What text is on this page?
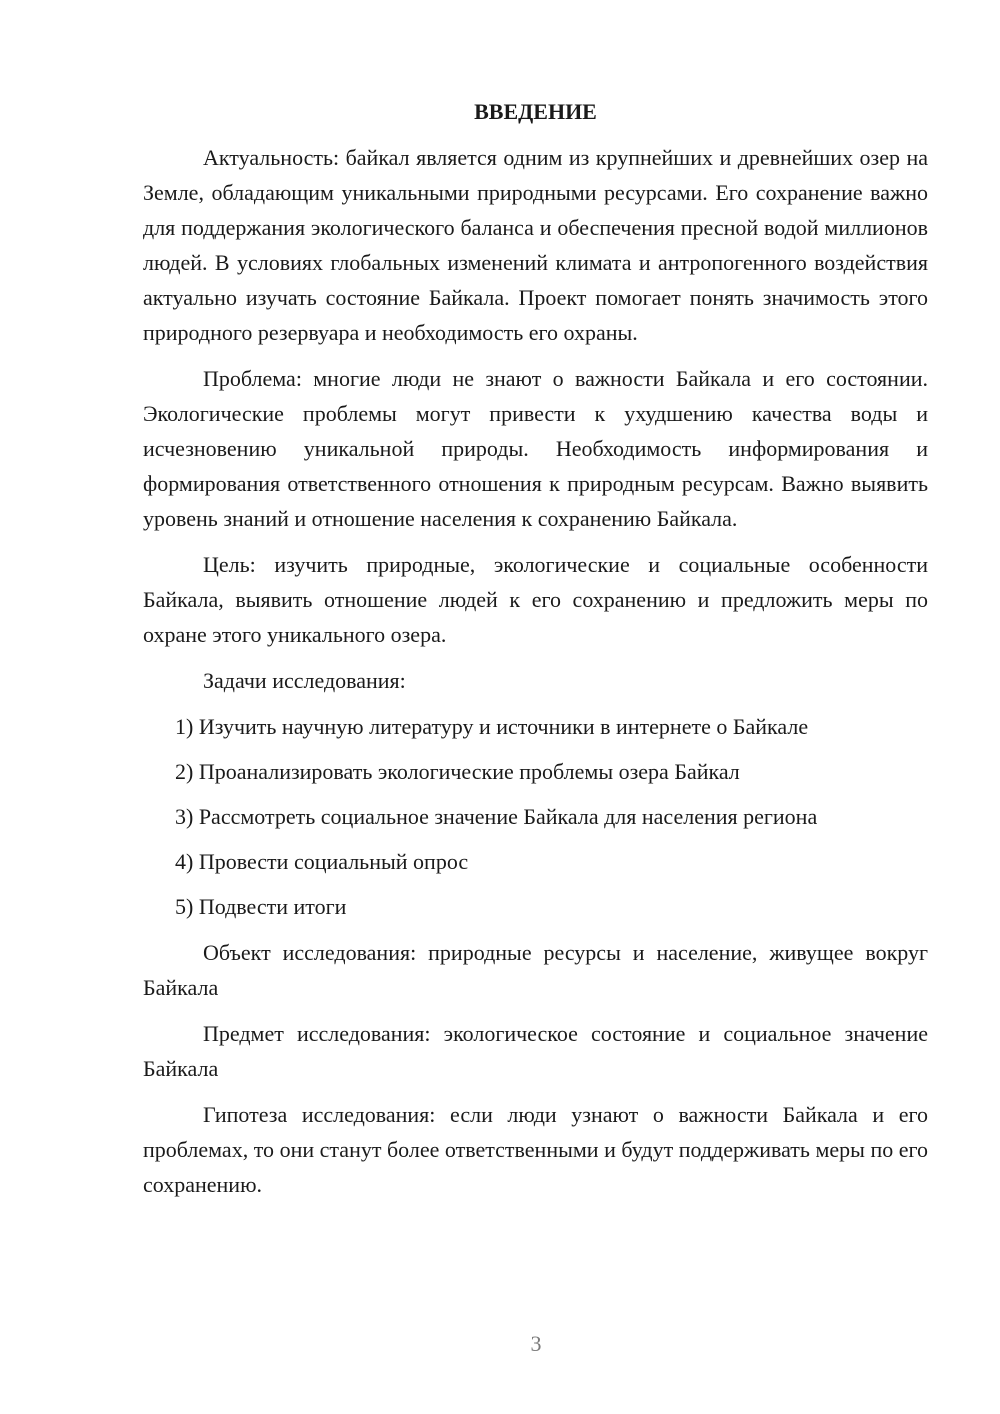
ВВЕДЕНИЕ

Актуальность: байкал является одним из крупнейших и древнейших озер на Земле, обладающим уникальными природными ресурсами. Его сохранение важно для поддержания экологического баланса и обеспечения пресной водой миллионов людей. В условиях глобальных изменений климата и антропогенного воздействия актуально изучать состояние Байкала. Проект помогает понять значимость этого природного резервуара и необходимость его охраны.

Проблема: многие люди не знают о важности Байкала и его состоянии. Экологические проблемы могут привести к ухудшению качества воды и исчезновению уникальной природы. Необходимость информирования и формирования ответственного отношения к природным ресурсам. Важно выявить уровень знаний и отношение населения к сохранению Байкала.

Цель: изучить природные, экологические и социальные особенности Байкала, выявить отношение людей к его сохранению и предложить меры по охране этого уникального озера.

Задачи исследования:

1) Изучить научную литературу и источники в интернете о Байкале
2) Проанализировать экологические проблемы озера Байкал
3) Рассмотреть социальное значение Байкала для населения региона
4) Провести социальный опрос
5) Подвести итоги

Объект исследования: природные ресурсы и население, живущее вокруг Байкала

Предмет исследования: экологическое состояние и социальное значение Байкала

Гипотеза исследования: если люди узнают о важности Байкала и его проблемах, то они станут более ответственными и будут поддерживать меры по его сохранению.

3
